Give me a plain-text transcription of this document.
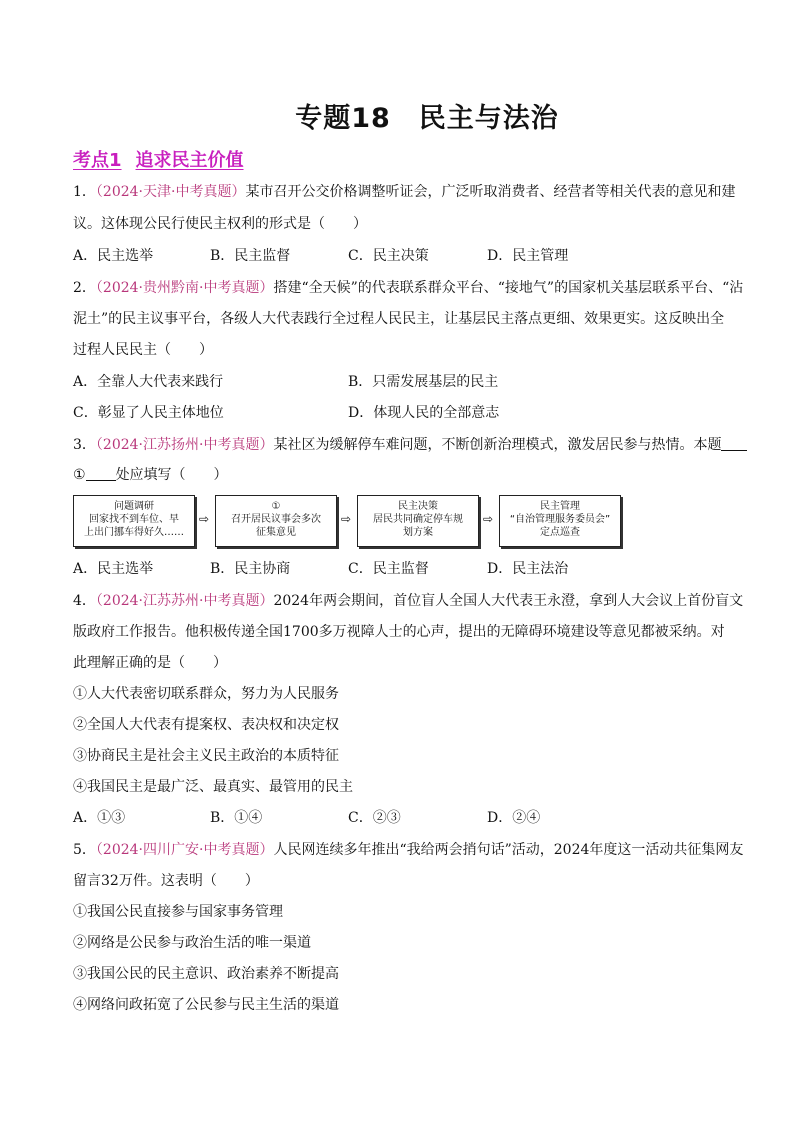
专题18 民主与法治
考点1 追求民主价值
1．（2024·天津·中考真题）某市召开公交价格调整听证会，广泛听取消费者、经营者等相关代表的意见和建
议。这体现公民行使民主权利的形式是（　　）
A．民主选举	B．民主监督	C．民主决策	D．民主管理
2．（2024·贵州黔南·中考真题）搭建“全天候”的代表联系群众平台、“接地气”的国家机关基层联系平台、“沾
泥土”的民主议事平台，各级人大代表践行全过程人民民主，让基层民主落点更细、效果更实。这反映出全
过程人民民主（　　）
A．全靠人大代表来践行	B．只需发展基层的民主
C．彰显了人民主体地位	D．体现人民的全部意志
3．（2024·江苏扬州·中考真题）某社区为缓解停车难问题，不断创新治理模式，激发居民参与热情。本题
① 处应填写（　　）
问题调研
回家找不到车位、早
上出门挪车得好久……
⇨
①
召开居民议事会多次
征集意见
⇨
民主决策
居民共同确定停车规
划方案
⇨
民主管理
“自治管理服务委员会”
定点巡查
A．民主选举	B．民主协商	C．民主监督	D．民主法治
4．（2024·江苏苏州·中考真题）2024年两会期间，首位盲人全国人大代表王永澄，拿到人大会议上首份盲文
版政府工作报告。他积极传递全国1700多万视障人士的心声，提出的无障碍环境建设等意见都被采纳。对
此理解正确的是（　　）
①人大代表密切联系群众，努力为人民服务
②全国人大代表有提案权、表决权和决定权
③协商民主是社会主义民主政治的本质特征
④我国民主是最广泛、最真实、最管用的民主
A．①③	B．①④	C．②③	D．②④
5．（2024·四川广安·中考真题）人民网连续多年推出“我给两会捎句话”活动，2024年度这一活动共征集网友
留言32万件。这表明（　　）
①我国公民直接参与国家事务管理
②网络是公民参与政治生活的唯一渠道
③我国公民的民主意识、政治素养不断提高
④网络问政拓宽了公民参与民主生活的渠道
